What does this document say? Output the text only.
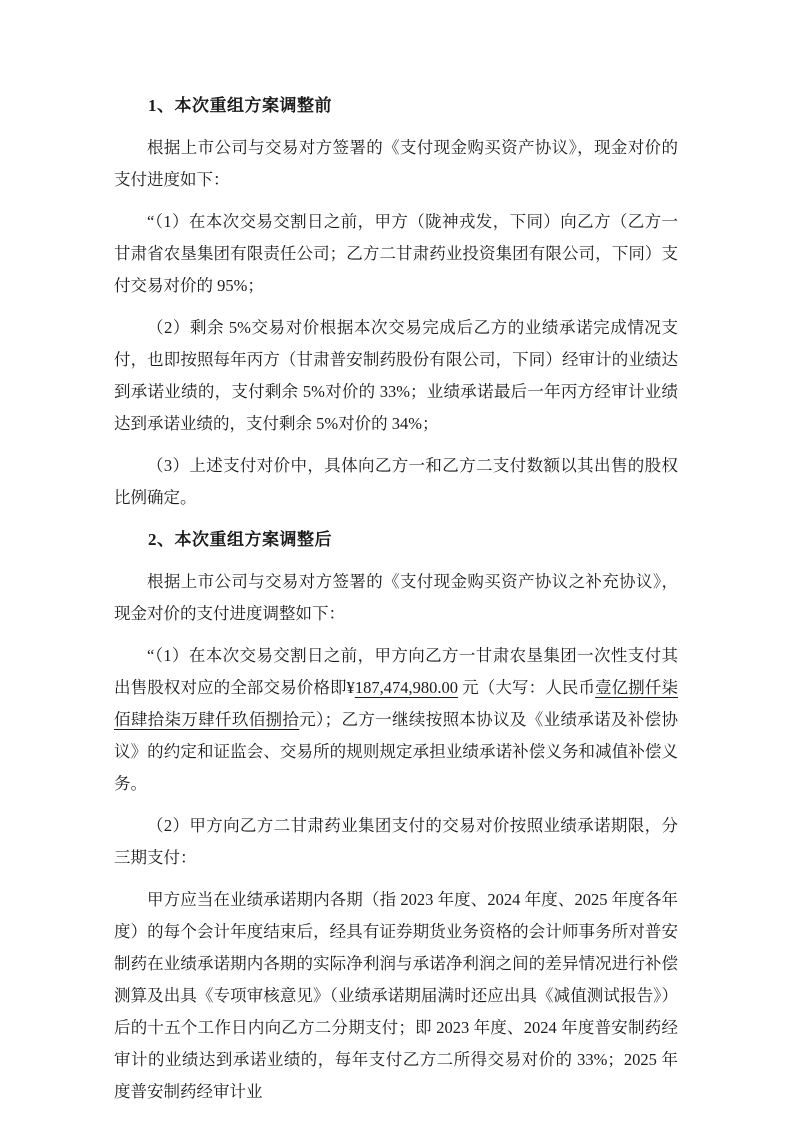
1、本次重组方案调整前

根据上市公司与交易对方签署的《支付现金购买资产协议》，现金对价的支付进度如下：

“（1）在本次交易交割日之前，甲方（陇神戎发，下同）向乙方（乙方一甘肃省农垦集团有限责任公司；乙方二甘肃药业投资集团有限公司，下同）支付交易对价的 95%；

（2）剩余 5%交易对价根据本次交易完成后乙方的业绩承诺完成情况支付，也即按照每年丙方（甘肃普安制药股份有限公司，下同）经审计的业绩达到承诺业绩的，支付剩余 5%对价的 33%；业绩承诺最后一年丙方经审计业绩达到承诺业绩的，支付剩余 5%对价的 34%；

（3）上述支付对价中，具体向乙方一和乙方二支付数额以其出售的股权比例确定。

2、本次重组方案调整后

根据上市公司与交易对方签署的《支付现金购买资产协议之补充协议》，现金对价的支付进度调整如下：

“（1）在本次交易交割日之前，甲方向乙方一甘肃农垦集团一次性支付其出售股权对应的全部交易价格即¥187,474,980.00 元（大写：人民币壹亿捌仟柒佰肆拾柒万肆仟玖佰捌拾元）；乙方一继续按照本协议及《业绩承诺及补偿协议》的约定和证监会、交易所的规则规定承担业绩承诺补偿义务和减值补偿义务。

（2）甲方向乙方二甘肃药业集团支付的交易对价按照业绩承诺期限，分三期支付：

甲方应当在业绩承诺期内各期（指 2023 年度、2024 年度、2025 年度各年度）的每个会计年度结束后，经具有证券期货业务资格的会计师事务所对普安制药在业绩承诺期内各期的实际净利润与承诺净利润之间的差异情况进行补偿测算及出具《专项审核意见》（业绩承诺期届满时还应出具《减值测试报告》）后的十五个工作日内向乙方二分期支付；即 2023 年度、2024 年度普安制药经审计的业绩达到承诺业绩的，每年支付乙方二所得交易对价的 33%；2025 年度普安制药经审计业
